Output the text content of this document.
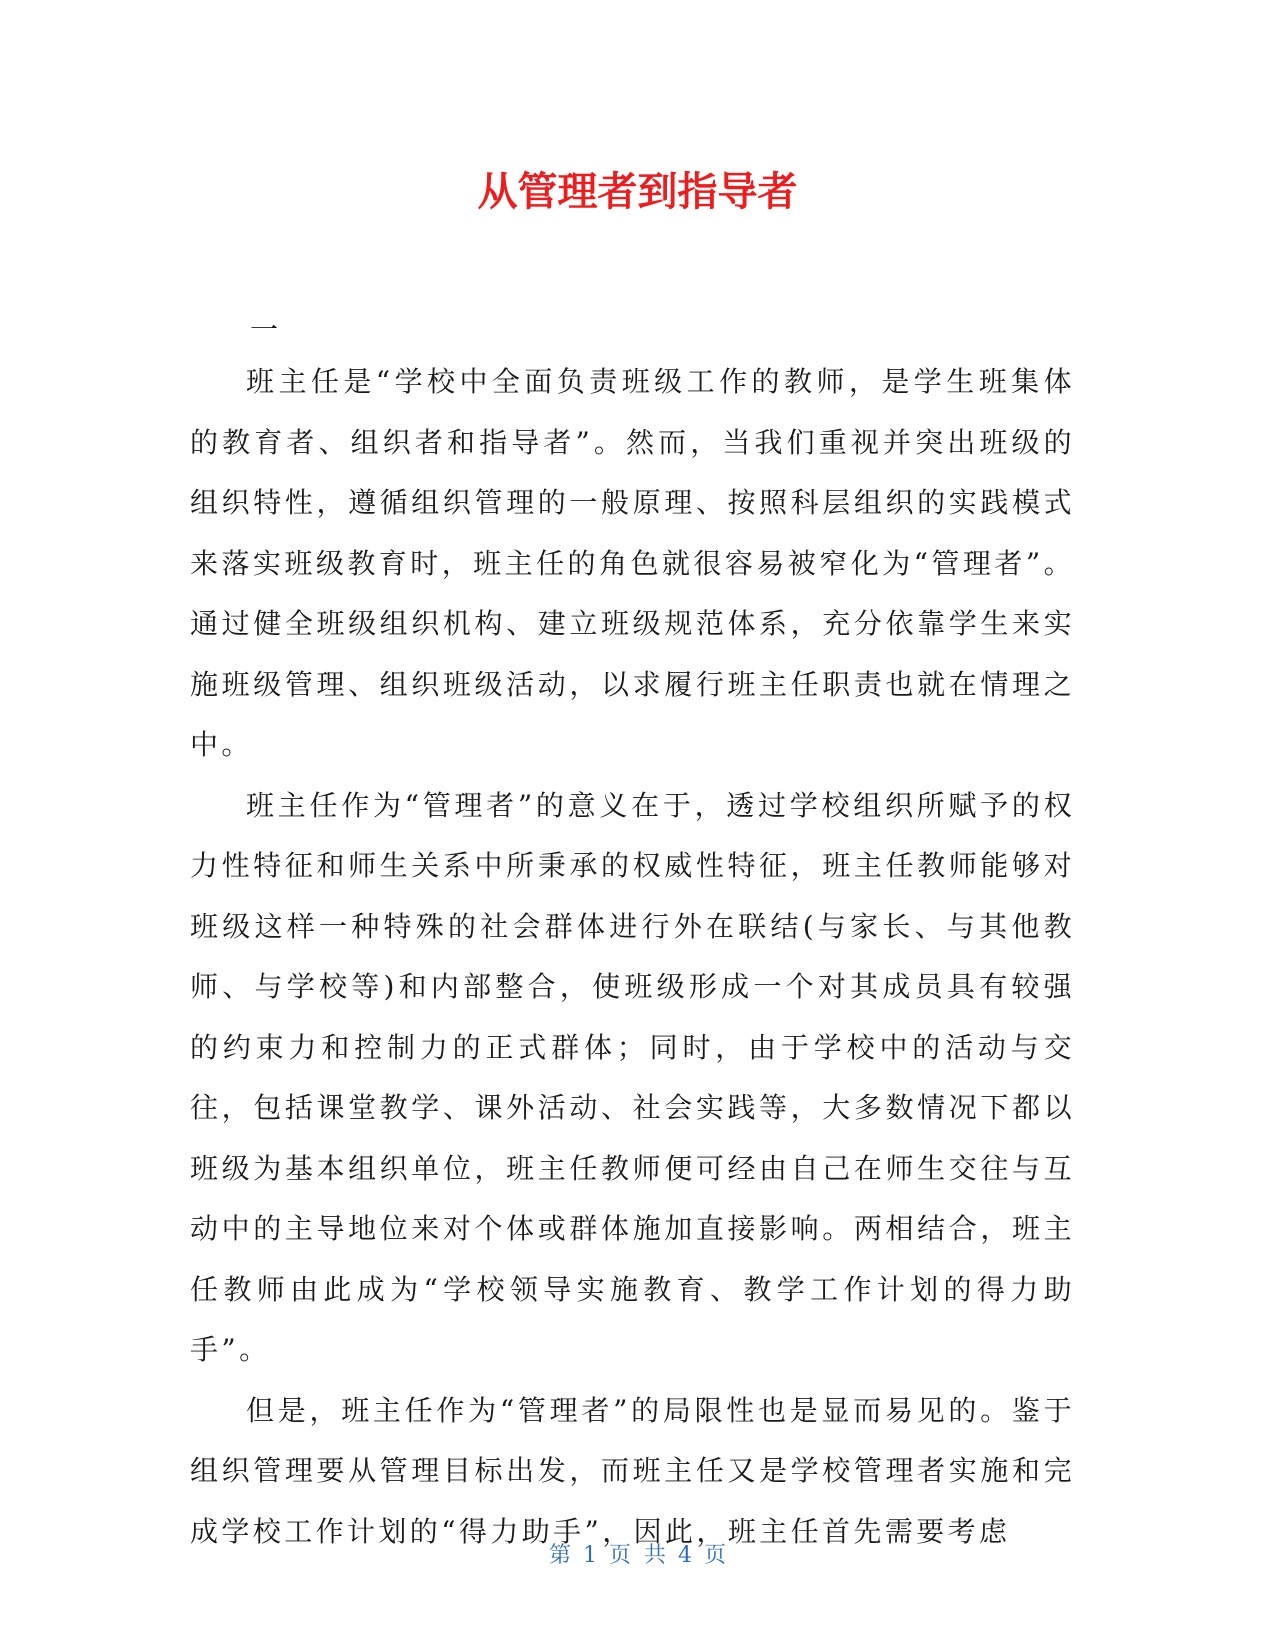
从管理者到指导者
一

班主任是“学校中全面负责班级工作的教师，是学生班集体的教育者、组织者和指导者”。然而，当我们重视并突出班级的组织特性，遵循组织管理的一般原理、按照科层组织的实践模式来落实班级教育时，班主任的角色就很容易被窄化为“管理者”。通过健全班级组织机构、建立班级规范体系，充分依靠学生来实施班级管理、组织班级活动，以求履行班主任职责也就在情理之中。

班主任作为“管理者”的意义在于，透过学校组织所赋予的权力性特征和师生关系中所秉承的权威性特征，班主任教师能够对班级这样一种特殊的社会群体进行外在联结(与家长、与其他教师、与学校等)和内部整合，使班级形成一个对其成员具有较强的约束力和控制力的正式群体；同时，由于学校中的活动与交往，包括课堂教学、课外活动、社会实践等，大多数情况下都以班级为基本组织单位，班主任教师便可经由自己在师生交往与互动中的主导地位来对个体或群体施加直接影响。两相结合，班主任教师由此成为“学校领导实施教育、教学工作计划的得力助手”。

但是，班主任作为“管理者”的局限性也是显而易见的。鉴于组织管理要从管理目标出发，而班主任又是学校管理者实施和完成学校工作计划的“得力助手”，因此，班主任首先需要考虑

第 1 页 共 4 页
